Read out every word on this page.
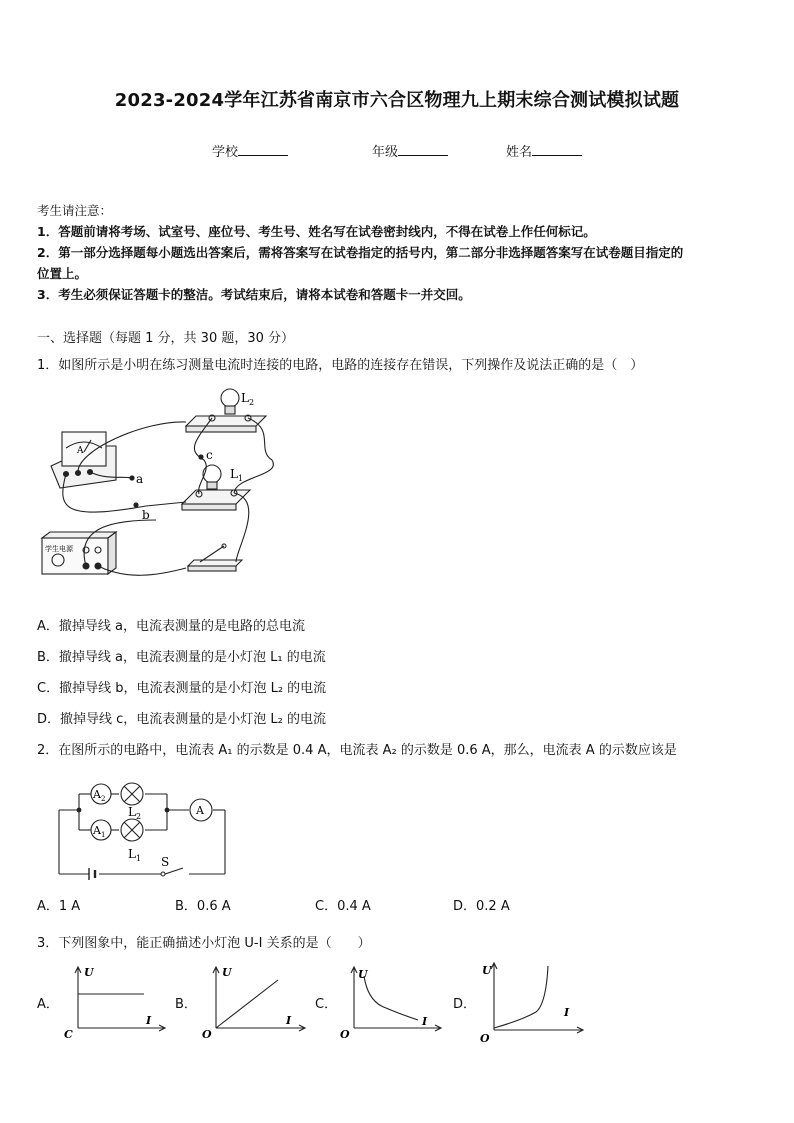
2023-2024学年江苏省南京市六合区物理九上期末综合测试模拟试题
学校	年级	姓名

考生请注意：

1．答题前请将考场、试室号、座位号、考生号、姓名写在试卷密封线内，不得在试卷上作任何标记。

2．第一部分选择题每小题选出答案后，需将答案写在试卷指定的括号内，第二部分非选择题答案写在试卷题目指定的

位置上。

3．考生必须保证答题卡的整洁。考试结束后，请将本试卷和答题卡一并交回。

一、选择题（每题 1 分，共 30 题，30 分）
1．如图所示是小明在练习测量电流时连接的电路，电路的连接存在错误，下列操作及说法正确的是（　）
$L_2$
$L_1$
a
b
c
A
学生电源
A．撤掉导线 a，电流表测量的是电路的总电流
B．撤掉导线 a，电流表测量的是小灯泡 L₁ 的电流
C．撤掉导线 b，电流表测量的是小灯泡 L₂ 的电流
D．撤掉导线 c，电流表测量的是小灯泡 L₂ 的电流
2．在图所示的电路中，电流表 A₁ 的示数是 0.4 A，电流表 A₂ 的示数是 0.6 A，那么，电流表 A 的示数应该是
$A_2$
$A_1$
A
$L_2$
$L_1$ S
A．1 A	B．0.6 A	C．0.4 A	D．0.2 A
3．下列图象中，能正确描述小灯泡 U-I 关系的是（　　）
A．
U
I
C
B．
U
I
O
C．
U
I
O
D．
U
I
O
